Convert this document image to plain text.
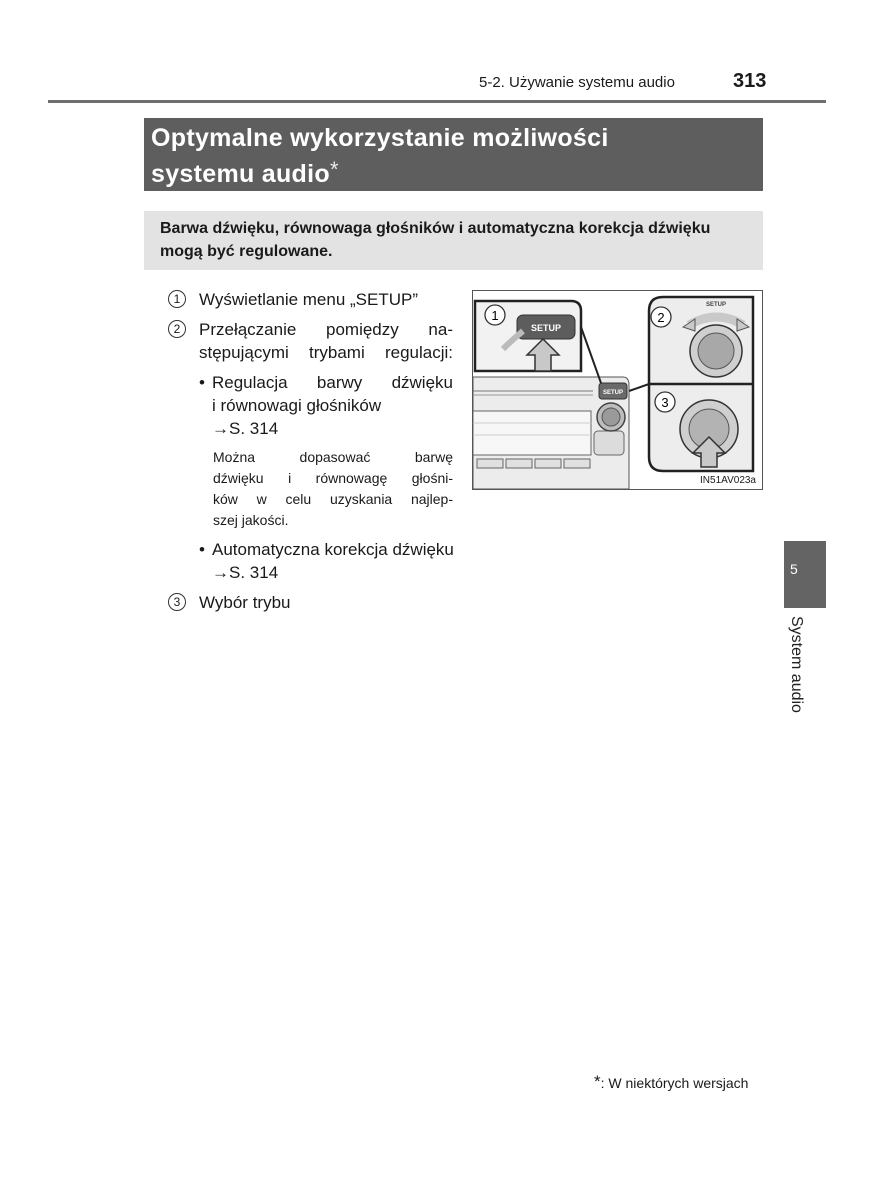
5-2. Używanie systemu audio	313
Optymalne wykorzystanie możliwości
systemu audio*
Barwa dźwięku, równowaga głośników i automatyczna korekcja dźwięku mogą być regulowane.
1	Wyświetlanie menu „SETUP”
2	Przełączanie pomiędzy na-
stępującymi trybami regulacji:
• Regulacja barwy dźwięku
i równowagi głośników
→S. 314
Można dopasować barwę
dźwięku i równowagę głośni-
ków w celu uzyskania najlep-
szej jakości.
• Automatyczna korekcja dźwięku
→S. 314
3	Wybór trybu
SETUP
SETUP
1
SETUP
2
3
IN51AV023a
5
System audio
*: W niektórych wersjach
